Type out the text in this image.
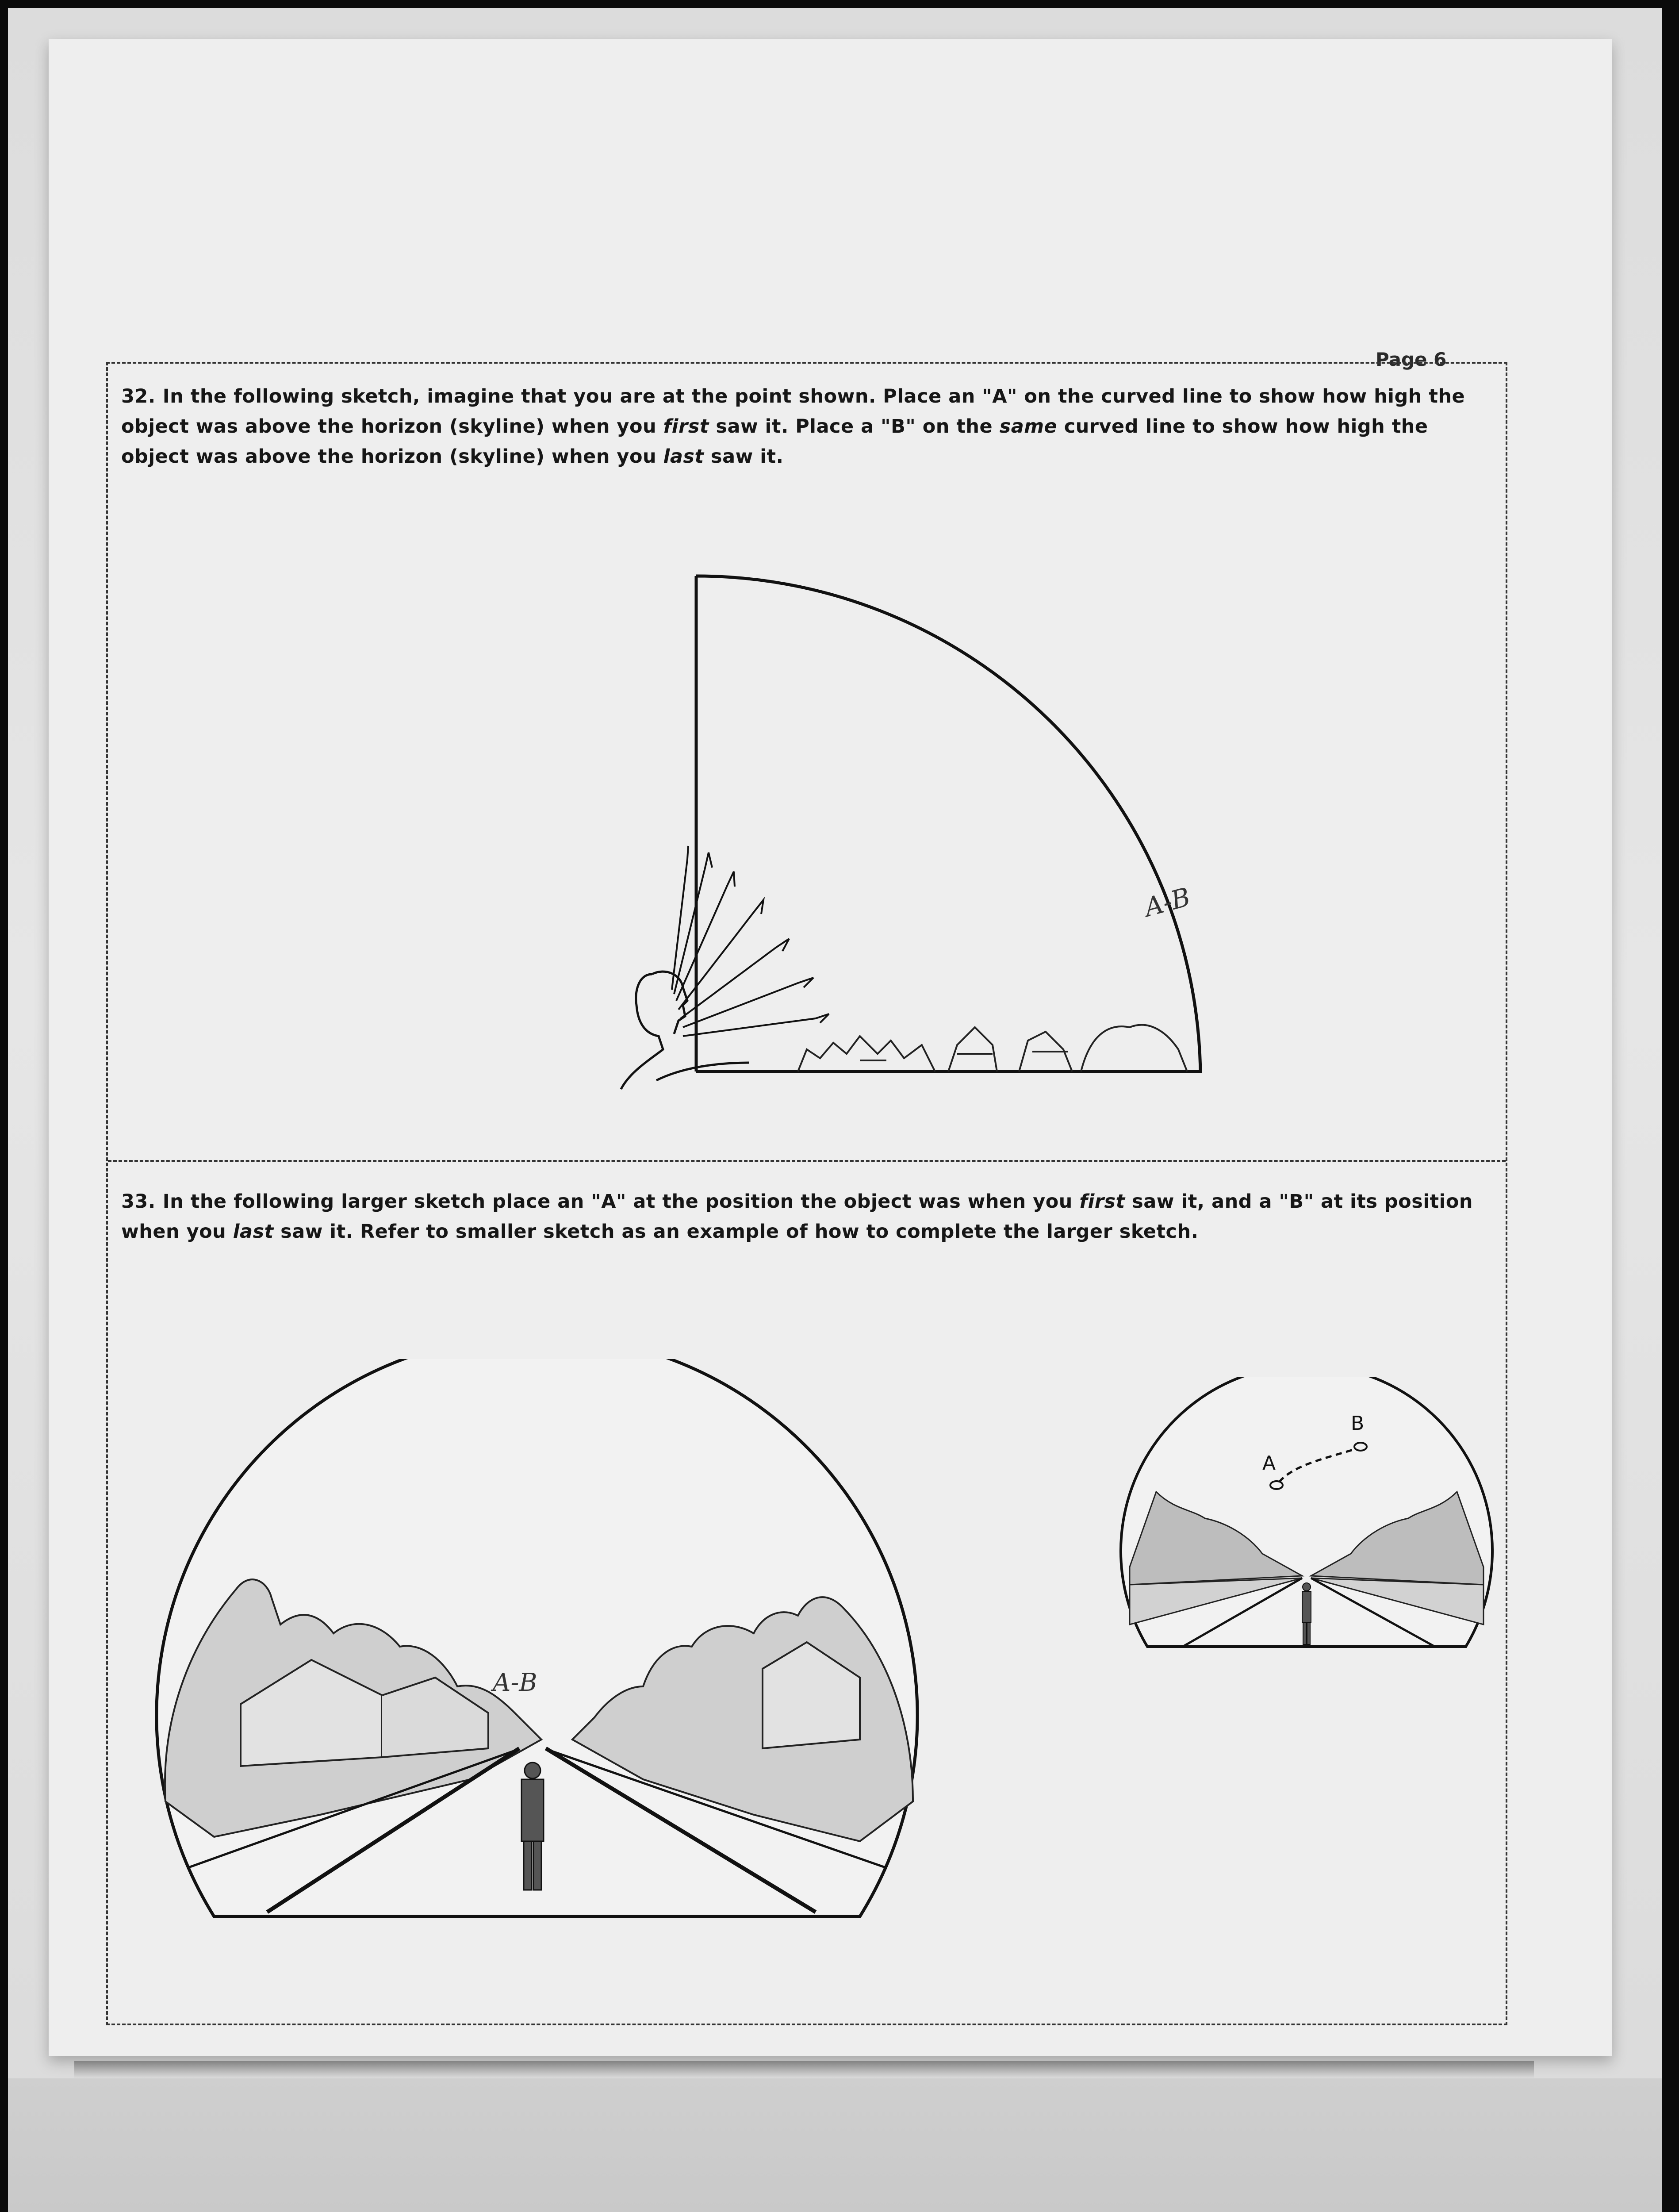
Page 6
32. In the following sketch, imagine that you are at the point shown. Place an "A" on the curved line to show how high the object was above the horizon (skyline) when you first saw it. Place a "B" on the same curved line to show how high the object was above the horizon (skyline) when you last saw it.
A-B
33. In the following larger sketch place an "A" at the position the object was when you first saw it, and a "B" at its position when you last saw it. Refer to smaller sketch as an example of how to complete the larger sketch.
A-B
A
B
